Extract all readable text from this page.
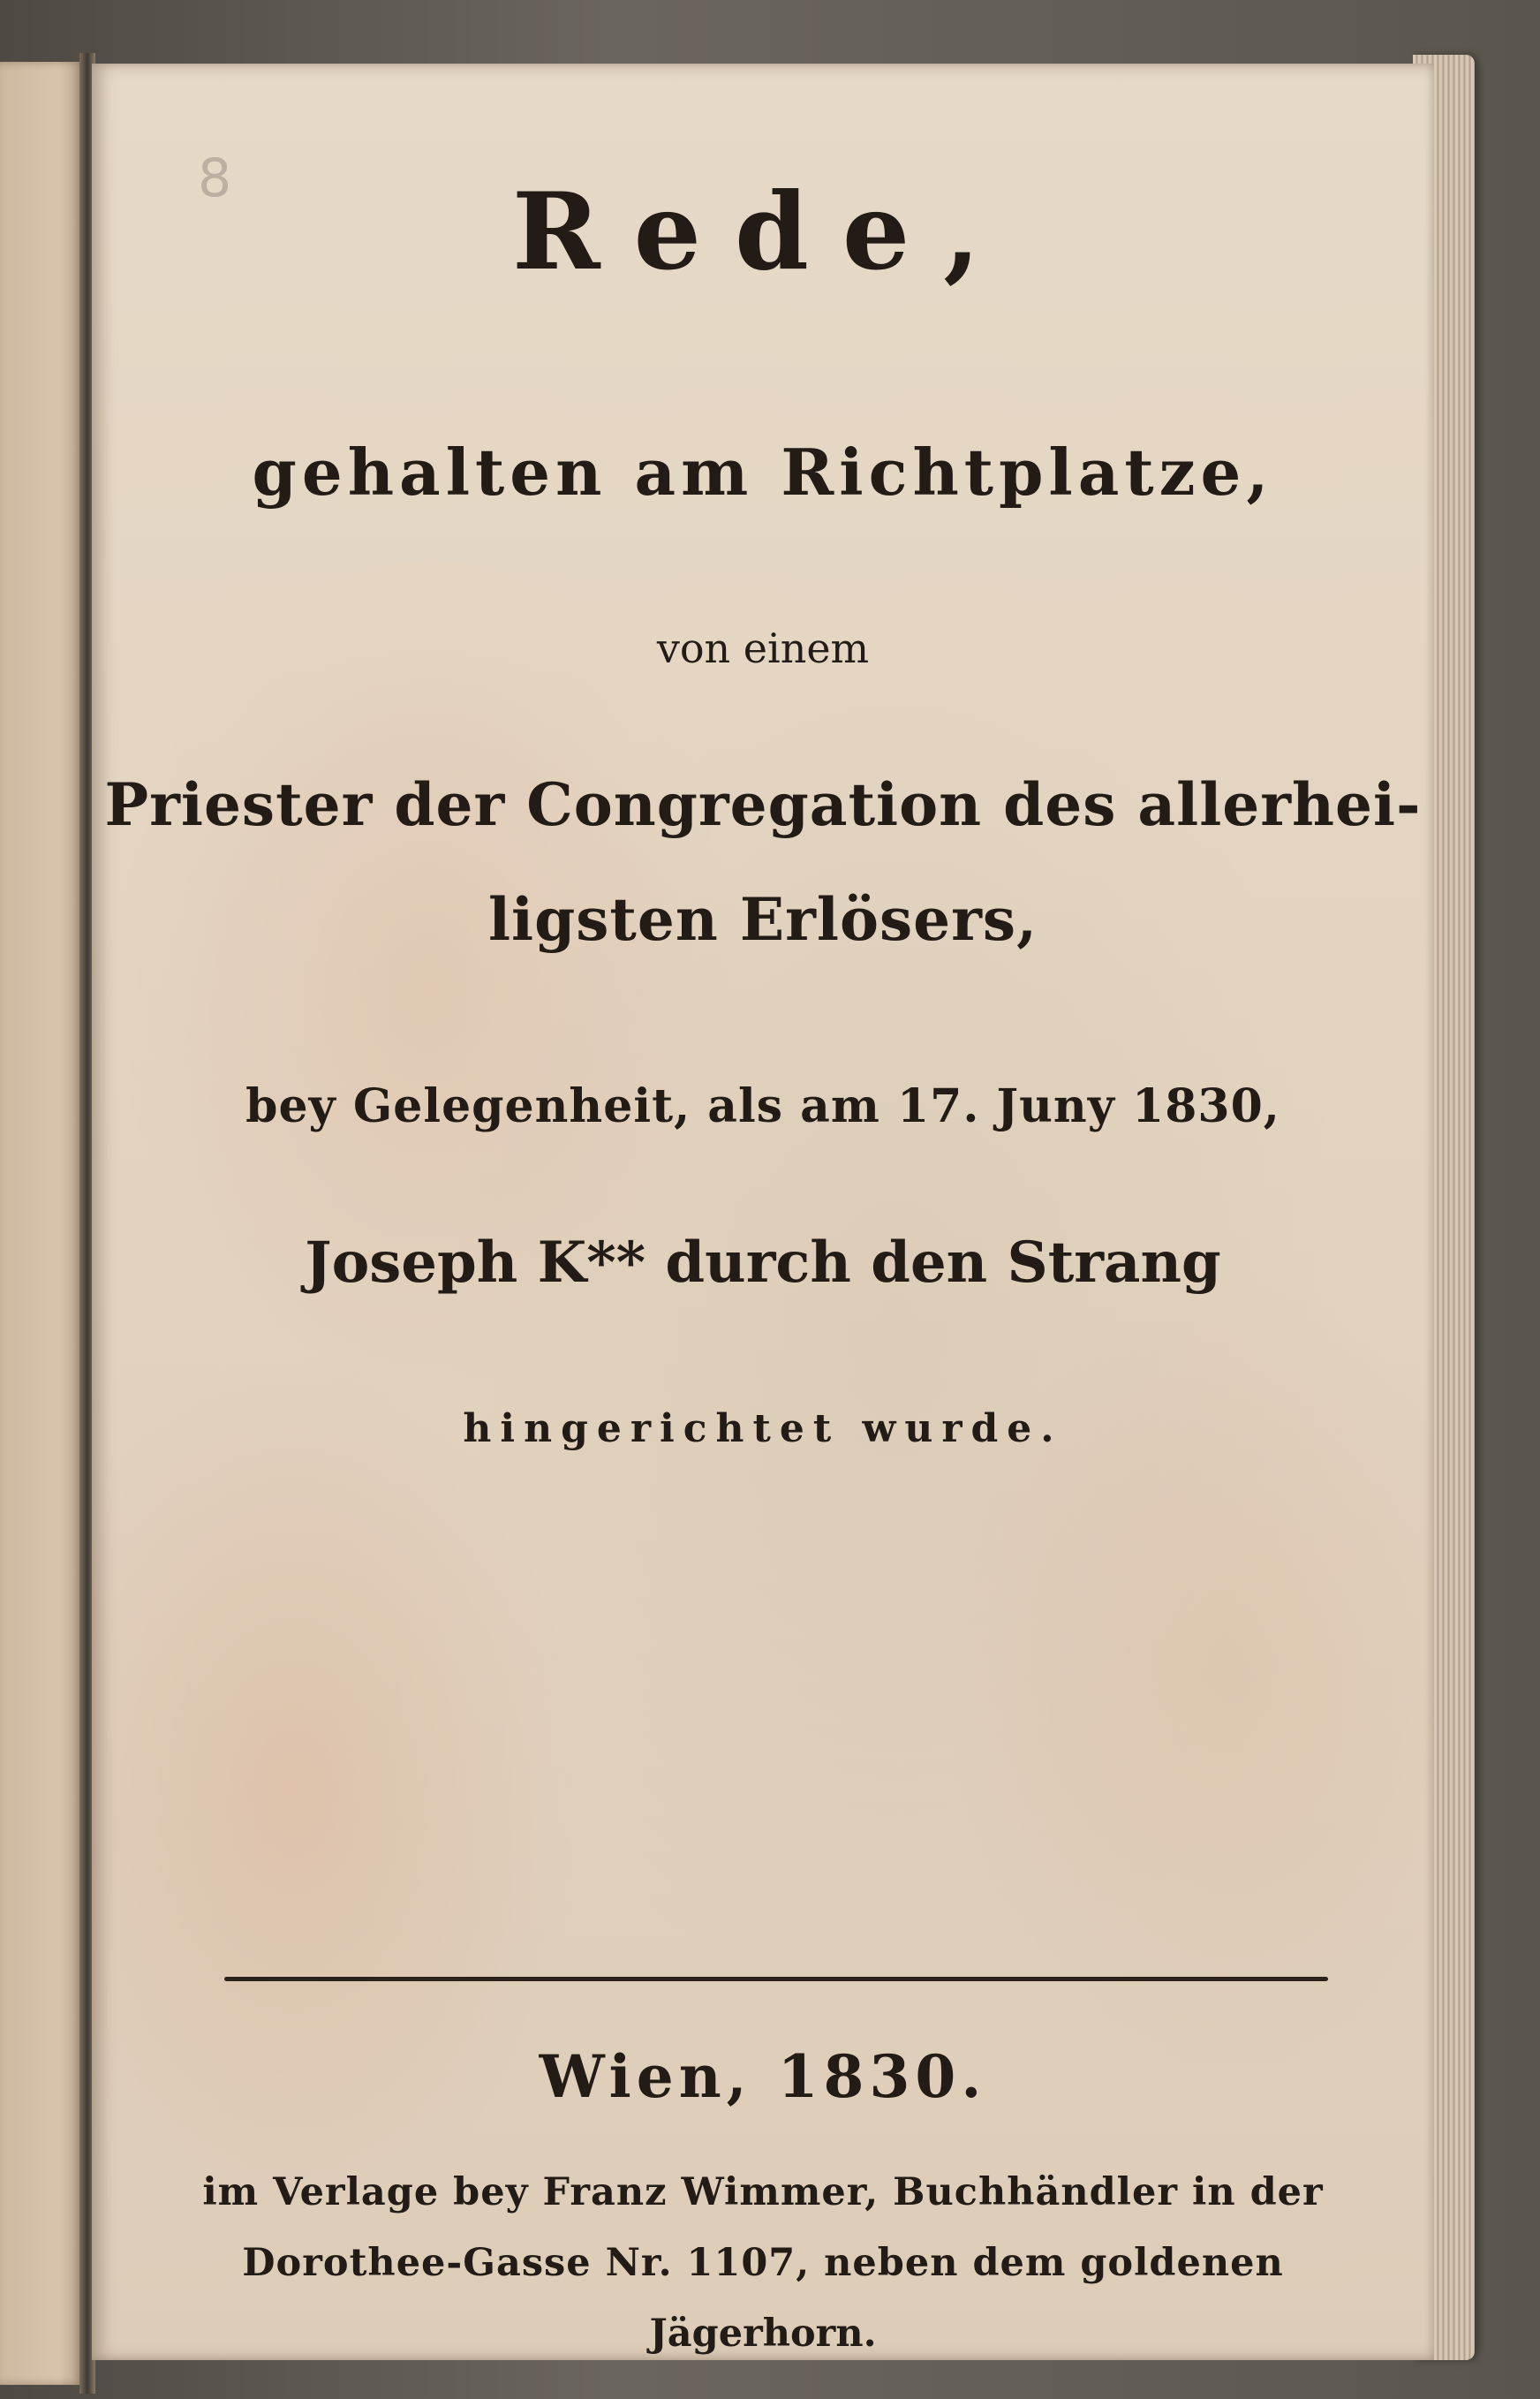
8	Rede,

gehalten am Richtplatze,

von einem

Priester der Congregation des allerhei-

ligsten Erlösers,

bey Gelegenheit, als am 17. Juny 1830,

Joseph K** durch den Strang

hingerichtet wurde.

Wien, 1830.

im Verlage bey Franz Wimmer, Buchhändler in der

Dorothee-Gasse Nr. 1107, neben dem goldenen

Jägerhorn.
